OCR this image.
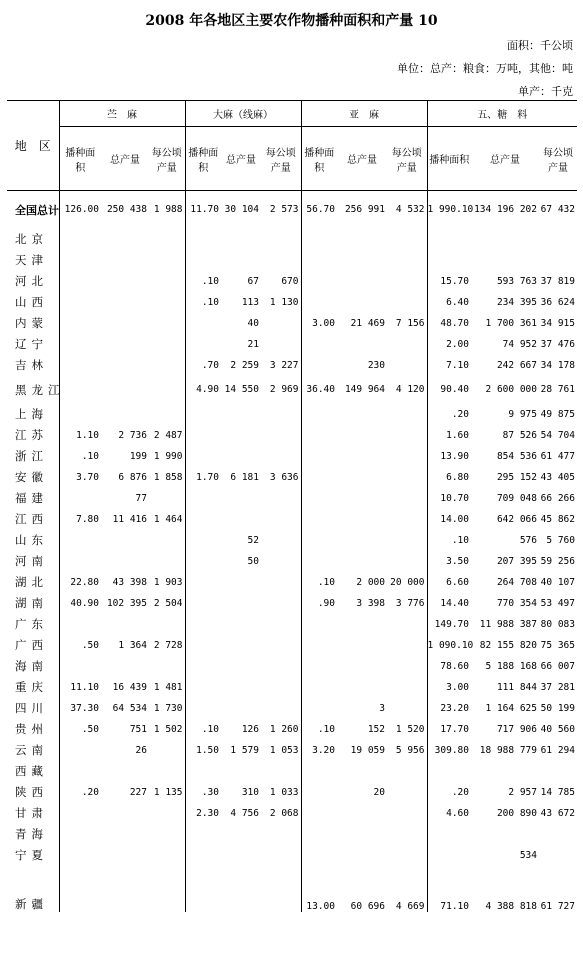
2008 年各地区主要农作物播种面积和产量 10
面积：千公顷
单位：总产：粮食：万吨，其他：吨
单产：千克
地　区	苎　麻			大麻（线麻）			亚　麻			五、糖　料		
	播种面积	总产量	每公顷产量	播种面积	总产量	每公顷产量	播种面积	总产量	每公顷产量	播种面积	总产量	每公顷产量
全国总计	126.00	250 438	1 988	11.70	30 104	2 573	56.70	256 991	4 532	1 990.10	134 196 202	67 432
北京												
天津												
河北				.10	67	670				15.70	593 763	37 819
山西				.10	113	1 130				6.40	234 395	36 624
内蒙					40		3.00	21 469	7 156	48.70	1 700 361	34 915
辽宁					21					2.00	74 952	37 476
吉林				.70	2 259	3 227		230		7.10	242 667	34 178
黑龙江				4.90	14 550	2 969	36.40	149 964	4 120	90.40	2 600 000	28 761
上海										.20	9 975	49 875
江苏	1.10	2 736	2 487							1.60	87 526	54 704
浙江	.10	199	1 990							13.90	854 536	61 477
安徽	3.70	6 876	1 858	1.70	6 181	3 636				6.80	295 152	43 405
福建		77								10.70	709 048	66 266
江西	7.80	11 416	1 464							14.00	642 066	45 862
山东					52					.10	576	5 760
河南					50					3.50	207 395	59 256
湖北	22.80	43 398	1 903				.10	2 000	20 000	6.60	264 708	40 107
湖南	40.90	102 395	2 504				.90	3 398	3 776	14.40	770 354	53 497
广东										149.70	11 988 387	80 083
广西	.50	1 364	2 728							1 090.10	82 155 820	75 365
海南										78.60	5 188 168	66 007
重庆	11.10	16 439	1 481							3.00	111 844	37 281
四川	37.30	64 534	1 730					3		23.20	1 164 625	50 199
贵州	.50	751	1 502	.10	126	1 260	.10	152	1 520	17.70	717 906	40 560
云南		26		1.50	1 579	1 053	3.20	19 059	5 956	309.80	18 988 779	61 294
西藏												
陕西	.20	227	1 135	.30	310	1 033		20		.20	2 957	14 785
甘肃				2.30	4 756	2 068				4.60	200 890	43 672
青海												
宁夏											534	
新疆							13.00	60 696	4 669	71.10	4 388 818	61 727
